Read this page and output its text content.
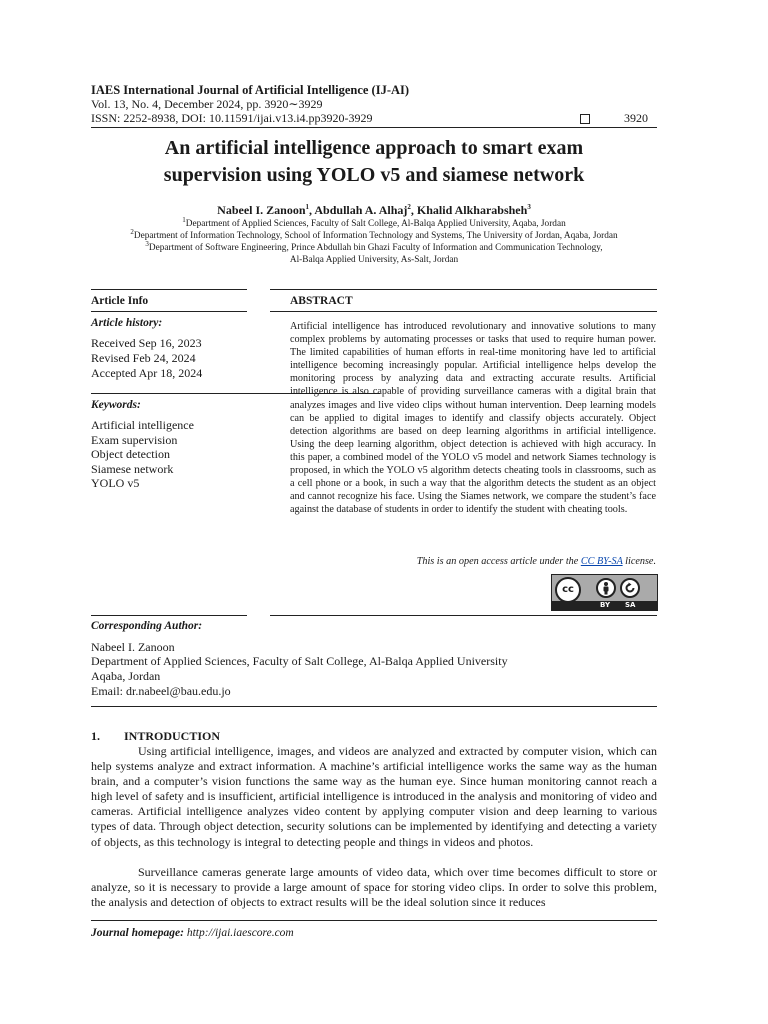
IAES International Journal of Artificial Intelligence (IJ-AI)
Vol. 13, No. 4, December 2024, pp. 3920∼3929
ISSN: 2252-8938, DOI: 10.11591/ijai.v13.i4.pp3920-3929	3920
An artificial intelligence approach to smart exam
supervision using YOLO v5 and siamese network
Nabeel I. Zanoon$^1$, Abdullah A. Alhaj$^2$, Khalid Alkharabsheh$^3$
$^1$Department of Applied Sciences, Faculty of Salt College, Al-Balqa Applied University, Aqaba, Jordan
$^2$Department of Information Technology, School of Information Technology and Systems, The University of Jordan, Aqaba, Jordan
$^3$Department of Software Engineering, Prince Abdullah bin Ghazi Faculty of Information and Communication Technology,
Al-Balqa Applied University, As-Salt, Jordan
Article Info	ABSTRACT
Article history:
Received Sep 16, 2023
Revised Feb 24, 2024
Accepted Apr 18, 2024
Keywords:
Artificial intelligence
Exam supervision
Object detection
Siamese network
YOLO v5
Artificial intelligence has introduced revolutionary and innovative solutions to many complex problems by automating processes or tasks that used to require human power. The limited capabilities of human efforts in real-time monitoring have led to artificial intelligence becoming increasingly popular. Artificial intelligence helps develop the monitoring process by analyzing data and extracting accurate results. Artificial intelligence is also capable of providing surveillance cameras with a digital brain that analyzes images and live video clips without human intervention. Deep learning models can be applied to digital images to identify and classify objects accurately. Object detection algorithms are based on deep learning algorithms in artificial intelligence. Using the deep learning algorithm, object detection is achieved with high accuracy. In this paper, a combined model of the YOLO v5 model and network Siames technology is proposed, in which the YOLO v5 algorithm detects cheating tools in classrooms, such as a cell phone or a book, in such a way that the algorithm detects the student as an object and cannot recognize his face. Using the Siames network, we compare the student’s face against the database of students in order to identify the student with cheating tools.
This is an open access article under the CC BY-SA license.
cc
BY SA
Corresponding Author:
Nabeel I. Zanoon
Department of Applied Sciences, Faculty of Salt College, Al-Balqa Applied University
Aqaba, Jordan
Email: dr.nabeel@bau.edu.jo
1. INTRODUCTION
Using artificial intelligence, images, and videos are analyzed and extracted by computer vision, which can help systems analyze and extract information. A machine’s artificial intelligence works the same way as the human brain, and a computer’s vision functions the same way as the human eye. Since human monitoring cannot reach a high level of safety and is insufficient, artificial intelligence is introduced in the analysis and monitoring of video and cameras. Artificial intelligence analyzes video content by applying computer vision and deep learning to various types of data. Through object detection, security solutions can be implemented by identifying and detecting a variety of objects, as this technology is integral to detecting people and things in videos and photos.
Surveillance cameras generate large amounts of video data, which over time becomes difficult to store or analyze, so it is necessary to provide a large amount of space for storing video clips. In order to solve this problem, the analysis and detection of objects to extract results will be the ideal solution since it reduces
Journal homepage: http://ijai.iaescore.com
